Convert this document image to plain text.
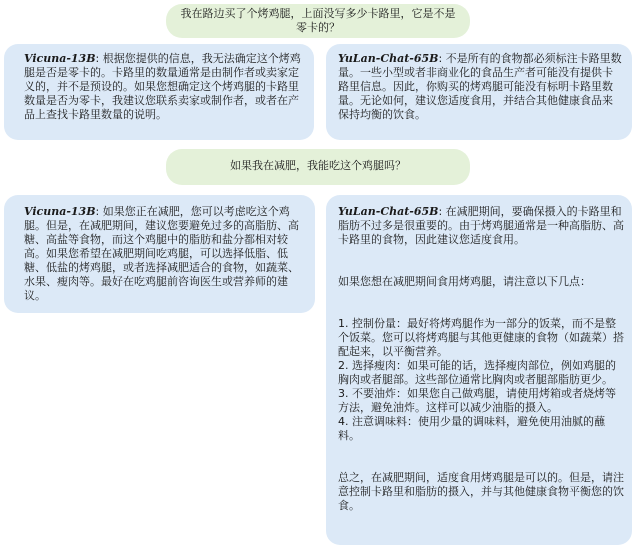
我在路边买了个烤鸡腿，上面没写多少卡路里，它是不是零卡的？
Vicuna-13B: 根据您提供的信息，我无法确定这个烤鸡腿是否是零卡的。卡路里的数量通常是由制作者或卖家定义的，并不是预设的。如果您想确定这个烤鸡腿的卡路里数量是否为零卡，我建议您联系卖家或制作者，或者在产品上查找卡路里数量的说明。
YuLan-Chat-65B: 不是所有的食物都必须标注卡路里数量。一些小型或者非商业化的食品生产者可能没有提供卡路里信息。因此，你购买的烤鸡腿可能没有标明卡路里数量。无论如何，建议您适度食用，并结合其他健康食品来保持均衡的饮食。
如果我在减肥，我能吃这个鸡腿吗？
Vicuna-13B: 如果您正在减肥，您可以考虑吃这个鸡腿。但是，在减肥期间，建议您要避免过多的高脂肪、高糖、高盐等食物，而这个鸡腿中的脂肪和盐分都相对较高。如果您希望在减肥期间吃鸡腿，可以选择低脂、低糖、低盐的烤鸡腿，或者选择减肥适合的食物，如蔬菜、水果、瘦肉等。最好在吃鸡腿前咨询医生或营养师的建议。

YuLan-Chat-65B: 在减肥期间，要确保摄入的卡路里和脂肪不过多是很重要的。由于烤鸡腿通常是一种高脂肪、高卡路里的食物，因此建议您适度食用。

如果您想在减肥期间食用烤鸡腿，请注意以下几点：

1. 控制份量：最好将烤鸡腿作为一部分的饭菜，而不是整个饭菜。您可以将烤鸡腿与其他更健康的食物（如蔬菜）搭配起来，以平衡营养。

2. 选择瘦肉：如果可能的话，选择瘦肉部位，例如鸡腿的胸肉或者腿部。这些部位通常比胸肉或者腿部脂肪更少。

3. 不要油炸：如果您自己做鸡腿，请使用烤箱或者烧烤等方法，避免油炸。这样可以减少油脂的摄入。

4. 注意调味料：使用少量的调味料，避免使用油腻的蘸料。

总之，在减肥期间，适度食用烤鸡腿是可以的。但是，请注意控制卡路里和脂肪的摄入，并与其他健康食物平衡您的饮食。
